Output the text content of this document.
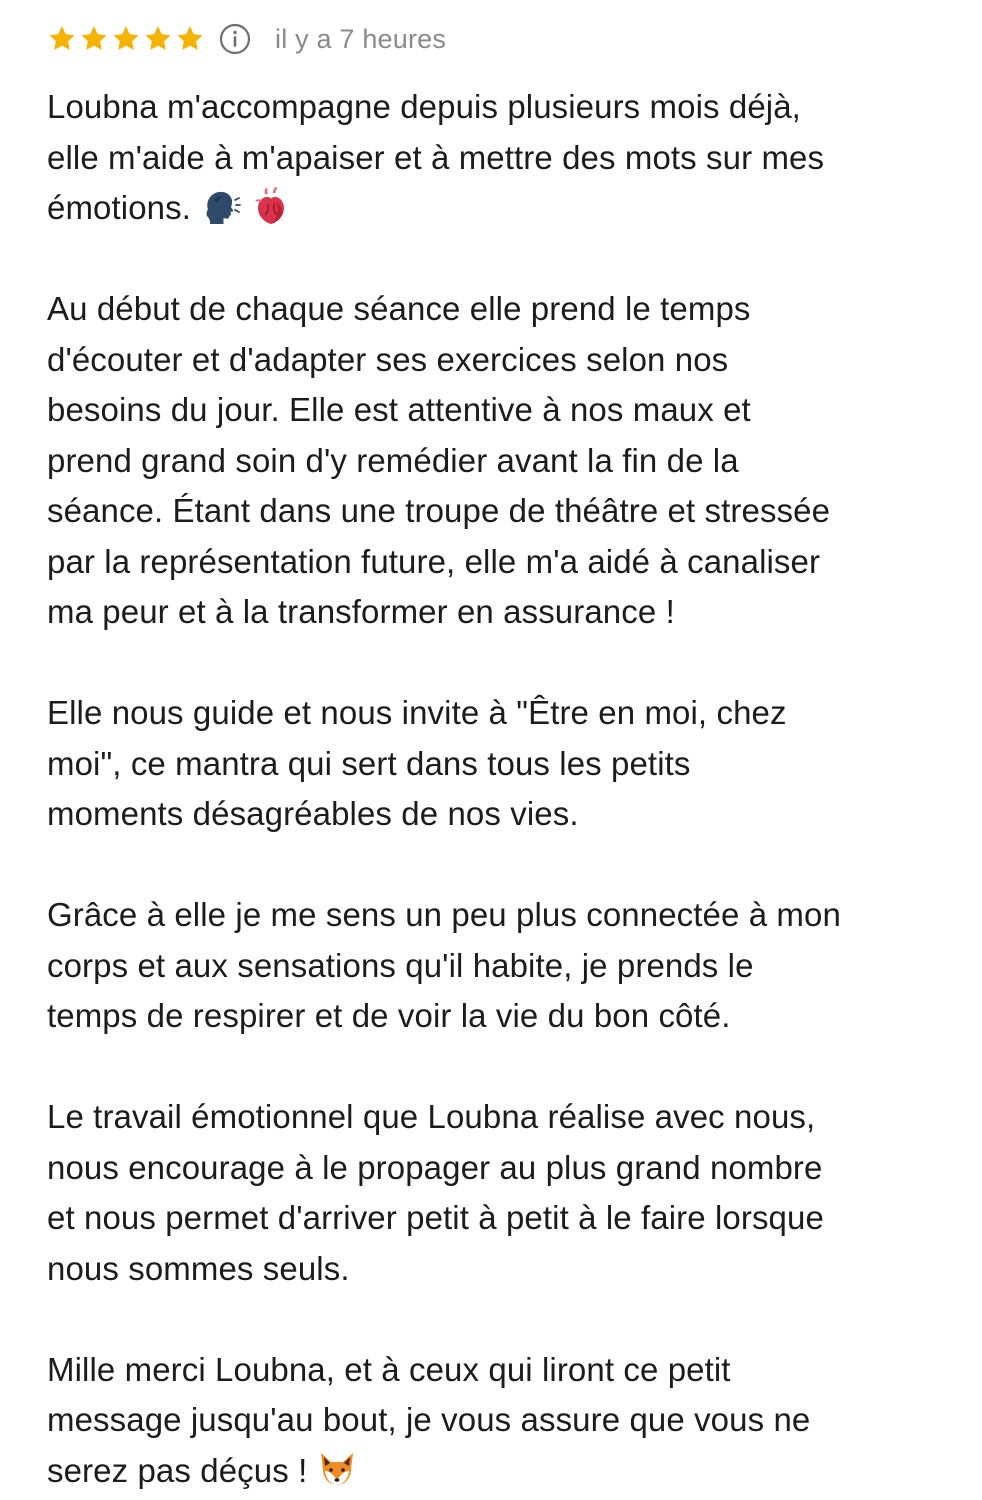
il y a 7 heures

Loubna m'accompagne depuis plusieurs mois déjà,
elle m'aide à m'apaiser et à mettre des mots sur mes
émotions.

Au début de chaque séance elle prend le temps
d'écouter et d'adapter ses exercices selon nos
besoins du jour. Elle est attentive à nos maux et
prend grand soin d'y remédier avant la fin de la
séance. Étant dans une troupe de théâtre et stressée
par la représentation future, elle m'a aidé à canaliser
ma peur et à la transformer en assurance !

Elle nous guide et nous invite à "Être en moi, chez
moi", ce mantra qui sert dans tous les petits
moments désagréables de nos vies.

Grâce à elle je me sens un peu plus connectée à mon
corps et aux sensations qu'il habite, je prends le
temps de respirer et de voir la vie du bon côté.

Le travail émotionnel que Loubna réalise avec nous,
nous encourage à le propager au plus grand nombre
et nous permet d'arriver petit à petit à le faire lorsque
nous sommes seuls.

Mille merci Loubna, et à ceux qui liront ce petit
message jusqu'au bout, je vous assure que vous ne
serez pas déçus !
